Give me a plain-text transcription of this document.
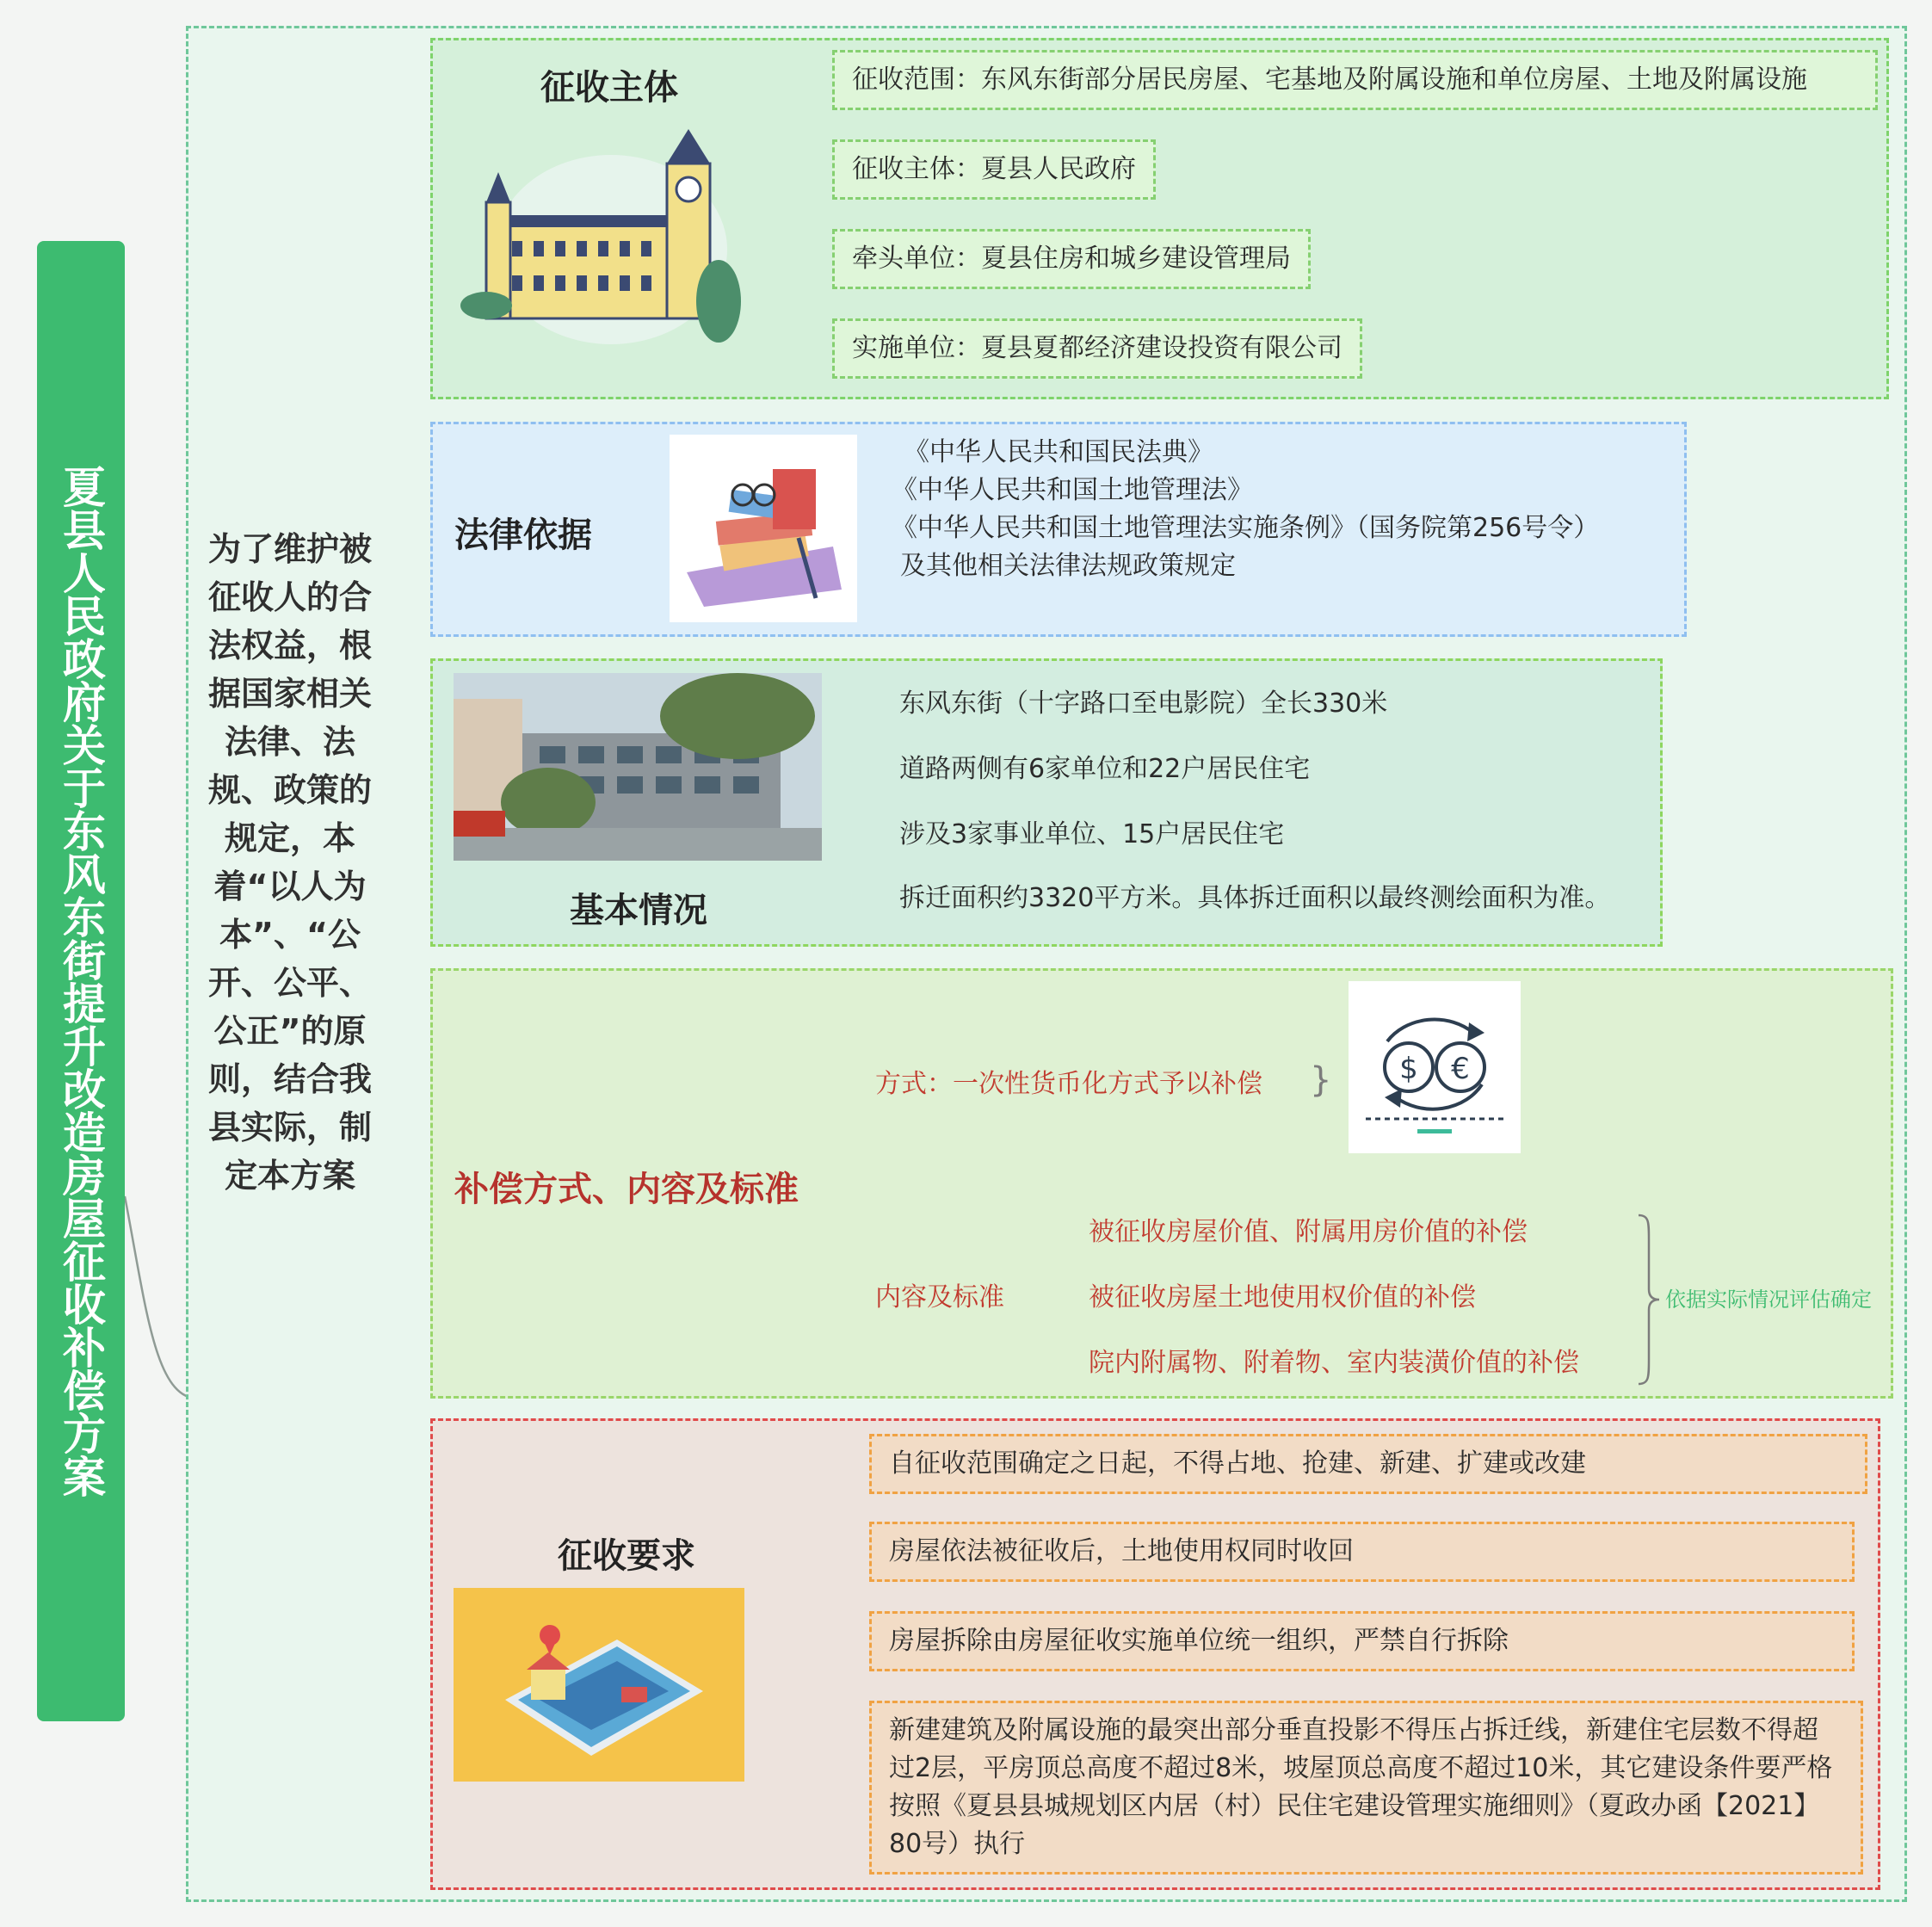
夏县人民政府关于东风东街提升改造房屋征收补偿方案	为了维护被征收人的合法权益，根据国家相关法律、法规、政策的规定，本着“以人为本”、“公开、公平、公正”的原则，结合我县实际，制定本方案
征收主体
法律依据
基本情况
补偿方式、内容及标准
征收要求
征收范围：东风东街部分居民房屋、宅基地及附属设施和单位房屋、土地及附属设施
征收主体：夏县人民政府
牵头单位：夏县住房和城乡建设管理局
实施单位：夏县夏都经济建设投资有限公司
《中华人民共和国民法典》
《中华人民共和国土地管理法》
《中华人民共和国土地管理法实施条例》（国务院第256号令）
及其他相关法律法规政策规定
东风东街（十字路口至电影院）全长330米
道路两侧有6家单位和22户居民住宅
涉及3家事业单位、15户居民住宅
拆迁面积约3320平方米。具体拆迁面积以最终测绘面积为准。
方式：一次性货币化方式予以补偿 }
内容及标准
被征收房屋价值、附属用房价值的补偿
被征收房屋土地使用权价值的补偿
院内附属物、附着物、室内装潢价值的补偿
依据实际情况评估确定
自征收范围确定之日起，不得占地、抢建、新建、扩建或改建
房屋依法被征收后，土地使用权同时收回
房屋拆除由房屋征收实施单位统一组织，严禁自行拆除
新建建筑及附属设施的最突出部分垂直投影不得压占拆迁线，新建住宅层数不得超过2层，平房顶总高度不超过8米，坡屋顶总高度不超过10米，其它建设条件要严格按照《夏县县城规划区内居（村）民住宅建设管理实施细则》（夏政办函【2021】80号）执行
$ €
